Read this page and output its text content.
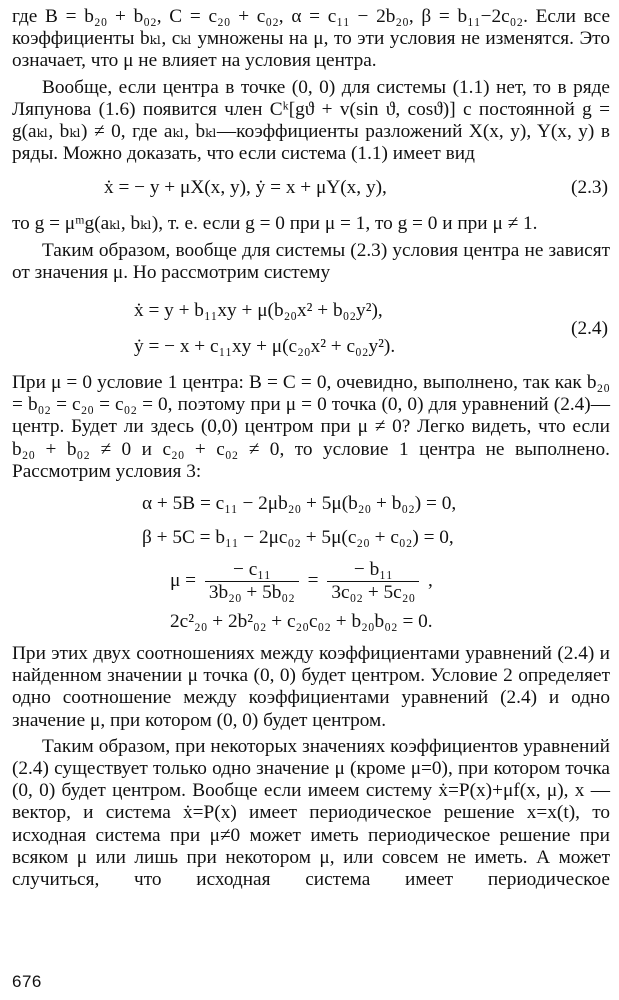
где B = b₂₀ + b₀₂, C = c₂₀ + c₀₂, α = c₁₁ − 2b₂₀, β = b₁₁−2c₀₂. Если все коэффициенты bₖₗ, cₖₗ умножены на μ, то эти условия не изменятся. Это означает, что μ не влияет на условия центра.

Вообще, если центра в точке (0, 0) для системы (1.1) нет, то в ряде Ляпунова (1.6) появится член Cᵏ[gϑ + v(sin ϑ, cosϑ)] с постоянной g = g(aₖₗ, bₖₗ) ≠ 0, где aₖₗ, bₖₗ—коэффициенты разложений X(x, y), Y(x, y) в ряды. Можно доказать, что если система (1.1) имеет вид

ẋ = − y + μX(x, y), ẏ = x + μY(x, y),	(2.3)

то g = μᵐg(aₖₗ, bₖₗ), т. е. если g = 0 при μ = 1, то g = 0 и при μ ≠ 1.

Таким образом, вообще для системы (2.3) условия центра не зависят от значения μ. Но рассмотрим систему

ẋ = y + b₁₁xy + μ(b₂₀x² + b₀₂y²),
ẏ = − x + c₁₁xy + μ(c₂₀x² + c₀₂y²).
(2.4)

При μ = 0 условие 1 центра: B = C = 0, очевидно, выполнено, так как b₂₀ = b₀₂ = c₂₀ = c₀₂ = 0, поэтому при μ = 0 точка (0, 0) для уравнений (2.4)—центр. Будет ли здесь (0,0) центром при μ ≠ 0? Легко видеть, что если b₂₀ + b₀₂ ≠ 0 и c₂₀ + c₀₂ ≠ 0, то условие 1 центра не выполнено. Рассмотрим условия 3:

α + 5B = c₁₁ − 2μb₂₀ + 5μ(b₂₀ + b₀₂) = 0,
β + 5C = b₁₁ − 2μc₀₂ + 5μ(c₂₀ + c₀₂) = 0,
$\mu = \frac{\text{− c₁₁}}{\text{3b₂₀ + 5b₀₂}} = \frac{\text{− b₁₁}}{\text{3c₀₂ + 5c₂₀}}$ ,
2c²₂₀ + 2b²₀₂ + c₂₀c₀₂ + b₂₀b₀₂ = 0.

При этих двух соотношениях между коэффициентами уравнений (2.4) и найденном значении μ точка (0, 0) будет центром. Условие 2 определяет одно соотношение между коэффициентами уравнений (2.4) и одно значение μ, при котором (0, 0) будет центром.

Таким образом, при некоторых значениях коэффициентов уравнений (2.4) существует только одно значение μ (кроме μ=0), при котором точка (0, 0) будет центром. Вообще если имеем систему ẋ=P(x)+μf(x, μ), x — вектор, и система ẋ=P(x) имеет периодическое решение x=x(t), то исходная система при μ≠0 может иметь периодическое решение при всяком μ или лишь при некотором μ, или совсем не иметь. А может случиться, что исходная система имеет периодическое

676
